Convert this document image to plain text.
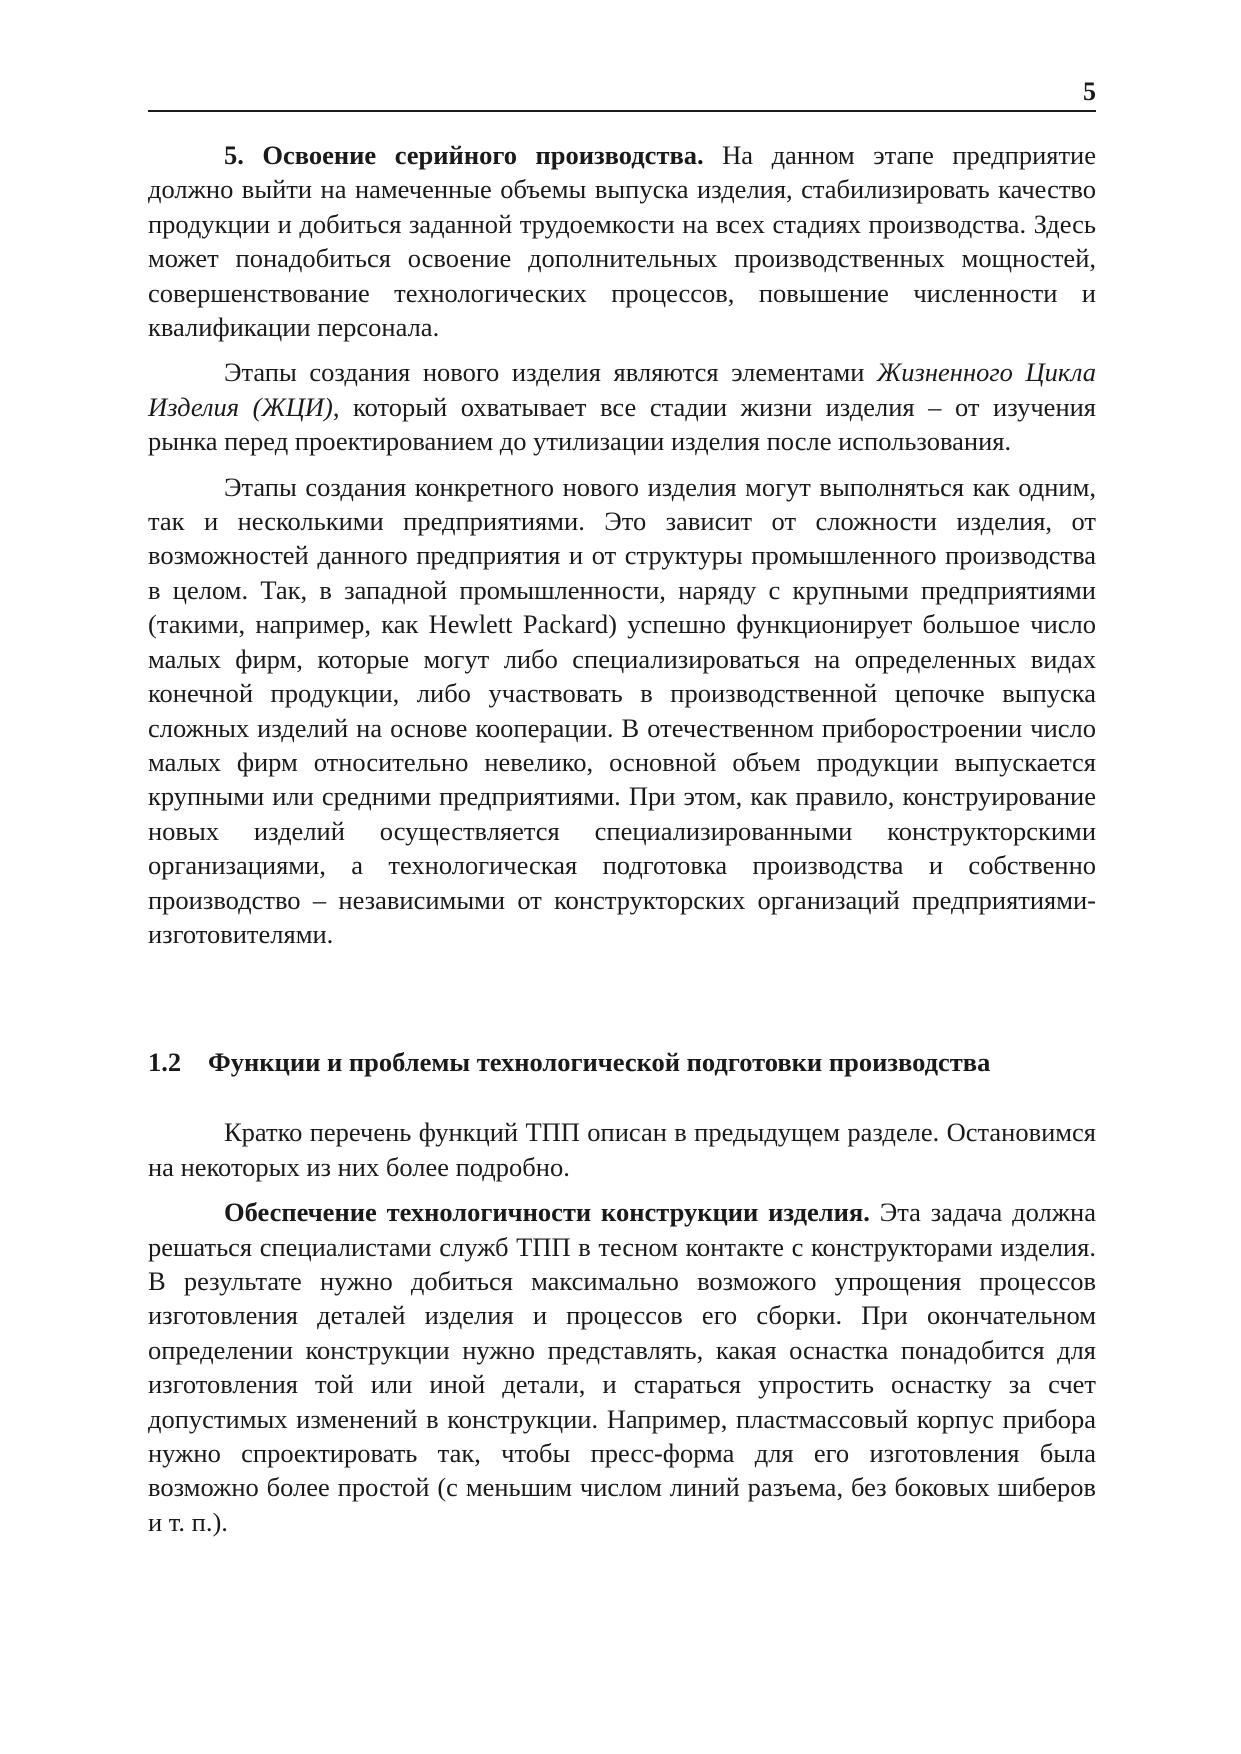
5

5. Освоение серийного производства. На данном этапе предприятие должно выйти на намеченные объемы выпуска изделия, стабилизировать качество продукции и добиться заданной трудоемкости на всех стадиях производства. Здесь может понадобиться освоение дополнительных производственных мощностей, совершенствование технологических процессов, повышение численности и квалификации персонала.

Этапы создания нового изделия являются элементами Жизненного Цикла Изделия (ЖЦИ), который охватывает все стадии жизни изделия – от изучения рынка перед проектированием до утилизации изделия после использования.

Этапы создания конкретного нового изделия могут выполняться как одним, так и несколькими предприятиями. Это зависит от сложности изделия, от возможностей данного предприятия и от структуры промышленного производства в целом. Так, в западной промышленности, наряду с крупными предприятиями (такими, например, как Hewlett Packard) успешно функционирует большое число малых фирм, которые могут либо специализироваться на определенных видах конечной продукции, либо участвовать в производственной цепочке выпуска сложных изделий на основе кооперации. В отечественном приборостроении число малых фирм относительно невелико, основной объем продукции выпускается крупными или средними предприятиями. При этом, как правило, конструирование новых изделий осуществляется специализированными конструкторскими организациями, а технологическая подготовка производства и собственно производство – независимыми от конструкторских организаций предприятиями-изготовителями.

1.2 Функции и проблемы технологической подготовки производства

Кратко перечень функций ТПП описан в предыдущем разделе. Остановимся на некоторых из них более подробно.

Обеспечение технологичности конструкции изделия. Эта задача должна решаться специалистами служб ТПП в тесном контакте с конструкторами изделия. В результате нужно добиться максимально возможого упрощения процессов изготовления деталей изделия и процессов его сборки. При окончательном определении конструкции нужно представлять, какая оснастка понадобится для изготовления той или иной детали, и стараться упростить оснастку за счет допустимых изменений в конструкции. Например, пластмассовый корпус прибора нужно спроектировать так, чтобы пресс-форма для его изготовления была возможно более простой (с меньшим числом линий разъема, без боковых шиберов и т. п.).
